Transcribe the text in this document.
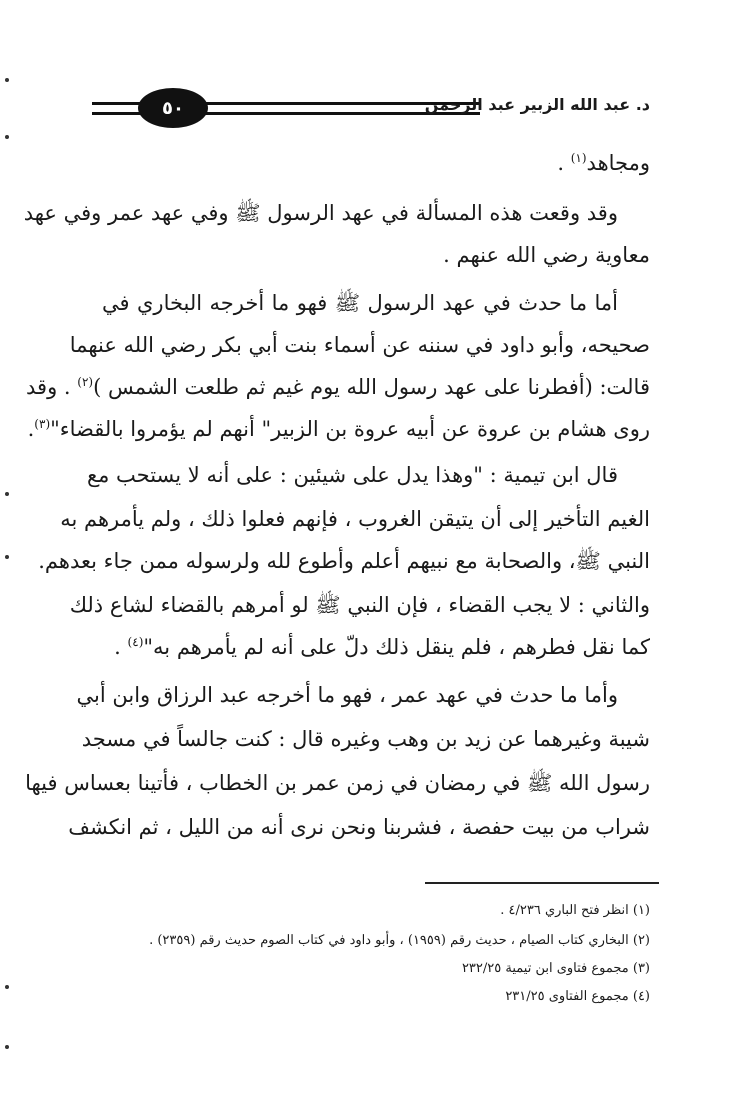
٥٠	د. عبد الله الزبير عبد الرحمن
ومجاهد$^{(١)}$ .
وقد وقعت هذه المسألة في عهد الرسول ﷺ وفي عهد عمر وفي عهد
معاوية رضي الله عنهم .
أما ما حدث في عهد الرسول ﷺ فهو ما أخرجه البخاري في
صحيحه، وأبو داود في سننه عن أسماء بنت أبي بكر رضي الله عنهما
قالت: (أفطرنا على عهد رسول الله يوم غيم ثم طلعت الشمس )$^{(٢)}$ . وقد
روى هشام بن عروة عن أبيه عروة بن الزبير" أنهم لم يؤمروا بالقضاء"$^{(٣)}$.
قال ابن تيمية : "وهذا يدل على شيئين : على أنه لا يستحب مع
الغيم التأخير إلى أن يتيقن الغروب ، فإنهم فعلوا ذلك ، ولم يأمرهم به
النبي ﷺ، والصحابة مع نبيهم أعلم وأطوع لله ولرسوله ممن جاء بعدهم.
والثاني : لا يجب القضاء ، فإن النبي ﷺ لو أمرهم بالقضاء لشاع ذلك
كما نقل فطرهم ، فلم ينقل ذلك دلّ على أنه لم يأمرهم به"$^{(٤)}$ .
وأما ما حدث في عهد عمر ، فهو ما أخرجه عبد الرزاق وابن أبي
شيبة وغيرهما عن زيد بن وهب وغيره قال : كنت جالساً في مسجد
رسول الله ﷺ في رمضان في زمن عمر بن الخطاب ، فأتينا بعساس فيها
شراب من بيت حفصة ، فشربنا ونحن نرى أنه من الليل ، ثم انكشف
(١) انظر فتح الباري ٤/٢٣٦ .
(٢) البخاري كتاب الصيام ، حديث رقم (١٩٥٩) ، وأبو داود في كتاب الصوم حديث رقم (٢٣٥٩) .
(٣) مجموع فتاوى ابن تيمية ٢٣٢/٢٥
(٤) مجموع الفتاوى ٢٣١/٢٥
